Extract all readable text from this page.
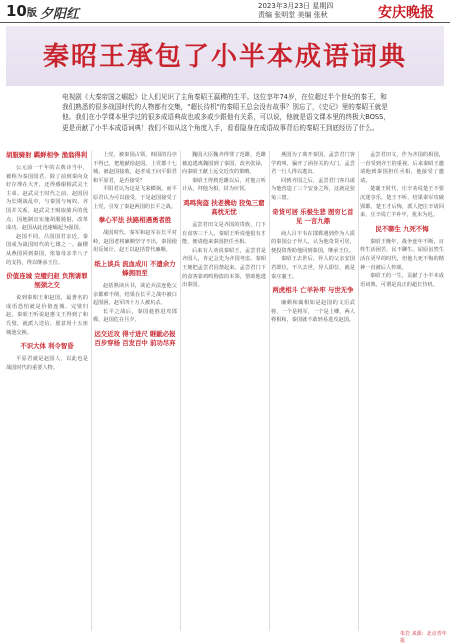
10版 夕阳红
2023年3月23日 星期四
责编 张明堂 美编 张秋	安庆晚报
秦昭王承包了小半本成语词典
电视剧《大秦帝国之崛起》让人们见识了主角秦昭王嬴稷的生平。这位享年74岁，在位超过半个世纪的秦王，和我们熟悉的很多战国时代的人物都有交集，"超长待机"的秦昭王总会没有故事？别忘了，《史记》里的秦昭王就是他。我们在小学课本里学过的很多成语典故也或多或少跟他有关系，可以说，他就是语文课本里的终极大BOSS，更是贡献了小半本成语词典！我们不如从这个角度入手，看看隐身在成语故事背后的秦昭王到底经历了什么。
胡服骑射 羁鲜相争 渔翁得利

公元前一千年的古典诗当中，被称为秦国国君，除了前到秦向众好存理在大开，还得感谢相武灵王主弟。赵武灵王时代之前，赵国因为长期战乱中，与秦国与匈奴、齐国并关系，赵武灵王吸取骑兵的优点，因地制宜实施胡服骑射，改革成功，赵国从此迅速崛起为强国。

赵国不同，吕国国君亲近，秦国成为战国时代的七雄之一。嬴稷从燕国回到秦国，依靠母亲芈八子的支持，得以继承王位。

价值连城 完璧归赵 负荆请罪 刎颈之交

说到秦昭王和赵国，最著名的成语恐怕就是价值连城、完璧归赵。秦昭王听说赵惠文王得到了和氏璧，就派人送信，愿意用十五座城池交换。

不识大体 利令智昏

平原君就是赵国人，以此也是战国时代的重要人物。

上党，被秦国占领。韩国的冯亭不得已，把地献给赵国。上党郡十七城，被赵国接收，赵孝成王问平阳君和平原君，是否接受？

平阳君认为这是飞来横祸，而平原君认为可以接受，于是赵国接受了上党，引发了秦赵两国的长平之战。

拳心平法 扶路相遇勇者胜

战国时代，秦军和赵军在长平对峙，赵国老将廉颇坚守不出，秦国使用反间计，赵王以赵括替代廉颇。

纸上谈兵 流血成川 不遗余力 蜂拥而至

赵括熟读兵书，谈论兵法连他父亲都难不倒，结果在长平之战中被白起围困，赵军四十万人被坑杀。

长平之战后，秦国趁胜进攻邯郸，赵国危在旦夕。

远交近攻 得寸进尺 睚眦必报 百步穿杨 百发百中 前功尽弃

魏国大臣魏齐得罪了范雎，范雎被迫逃离魏国到了秦国，改名张禄，向秦昭王献上远交近攻的策略。

秦昭王得到范雎以后，对他言听计从，拜他为相，封为应侯。

鸡鸣狗盗 扶老携幼 狡兔三窟 高枕无忧

孟尝君田文是齐国的贵族，门下有食客三千人。秦昭王听说他很有才能，便请他来秦国担任丞相。

后来有人劝说秦昭王，孟尝君是齐国人，肯定会先为齐国考虑。秦昭王便把孟尝君囚禁起来。孟尝君门下的食客靠鸡鸣狗盗的本领，帮助他逃出秦国。

燕国为了离开秦国，孟尝君门客学鸡叫，骗开了函谷关的大门，孟尝君一行人得以逃出。

回到齐国之后，孟尝君门客冯谖为他营造了三个安身之所，这就是狡兔三窟。

奇货可居 乐极生悲 图穷匕首见 一言九鼎

商人吕不韦在邯郸遇到作为人质的秦国公子异人，认为他奇货可居，便投资帮助他回到秦国，继承王位。

秦昭王去世后，异人的父亲安国君即位，不久去世，异人即位，就是秦庄襄王。

两虎相斗 亡羊补牢 与世无争

廉颇和蔺相如是赵国的文臣武将，一个是将军，一个是上卿，两人将相和，秦国就不敢轻易进攻赵国。

孟尝君田文，作为齐国的相国，一直受到齐王的重视。后来秦昭王邀请他到秦国担任丞相，他接受了邀请。

楚襄王时代，庄辛劝说楚王不要沉迷享乐，楚王不听，结果秦军攻破郢都，楚王才后悔，派人把庄辛请回来，庄辛说亡羊补牢，犹未为迟。

民不聊生 九死不悔

秦昭王晚年，战争连年不断，百姓生活困苦，民不聊生。屈原虽然生活在更早的时代，但他九死不悔的精神一直被后人传颂。

秦昭王的一生，贡献了小半本成语词典，可谓是真正的超长待机。

朱岩 来源：北京青年报
